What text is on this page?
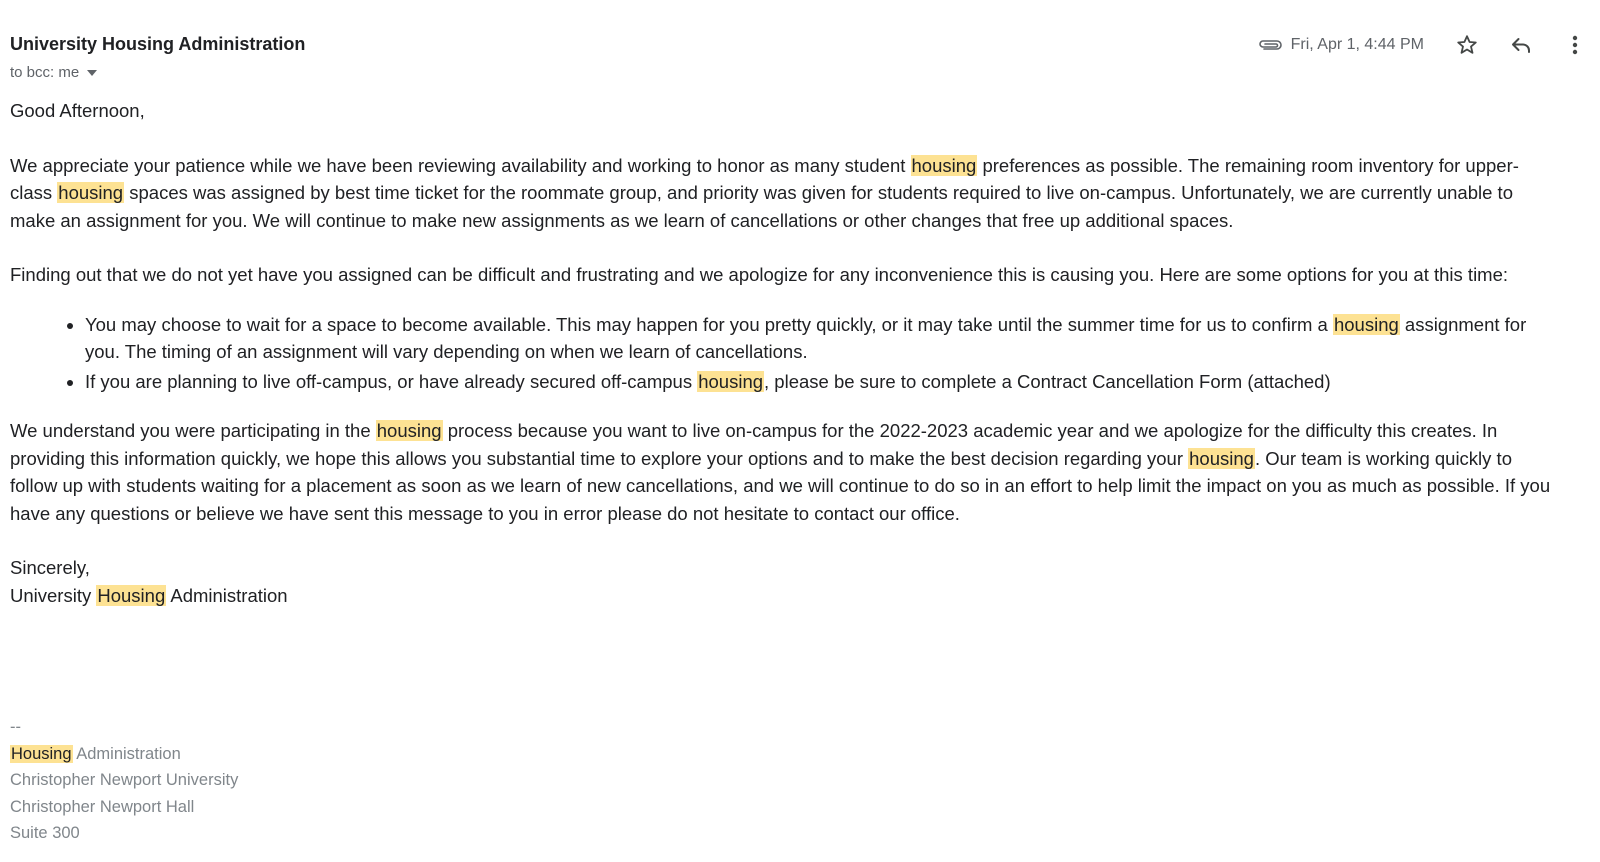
University Housing Administration
to bcc: me
Fri, Apr 1, 4:44 PM

Good Afternoon,

We appreciate your patience while we have been reviewing availability and working to honor as many student housing preferences as possible. The remaining room inventory for upper-class housing spaces was assigned by best time ticket for the roommate group, and priority was given for students required to live on-campus. Unfortunately, we are currently unable to make an assignment for you. We will continue to make new assignments as we learn of cancellations or other changes that free up additional spaces.

Finding out that we do not yet have you assigned can be difficult and frustrating and we apologize for any inconvenience this is causing you. Here are some options for you at this time:

• You may choose to wait for a space to become available. This may happen for you pretty quickly, or it may take until the summer time for us to confirm a housing assignment for you. The timing of an assignment will vary depending on when we learn of cancellations.
• If you are planning to live off-campus, or have already secured off-campus housing, please be sure to complete a Contract Cancellation Form (attached)

We understand you were participating in the housing process because you want to live on-campus for the 2022-2023 academic year and we apologize for the difficulty this creates. In providing this information quickly, we hope this allows you substantial time to explore your options and to make the best decision regarding your housing. Our team is working quickly to follow up with students waiting for a placement as soon as we learn of new cancellations, and we will continue to do so in an effort to help limit the impact on you as much as possible. If you have any questions or believe we have sent this message to you in error please do not hesitate to contact our office.

Sincerely,

University Housing Administration

--
Housing Administration
Christopher Newport University
Christopher Newport Hall
Suite 300
